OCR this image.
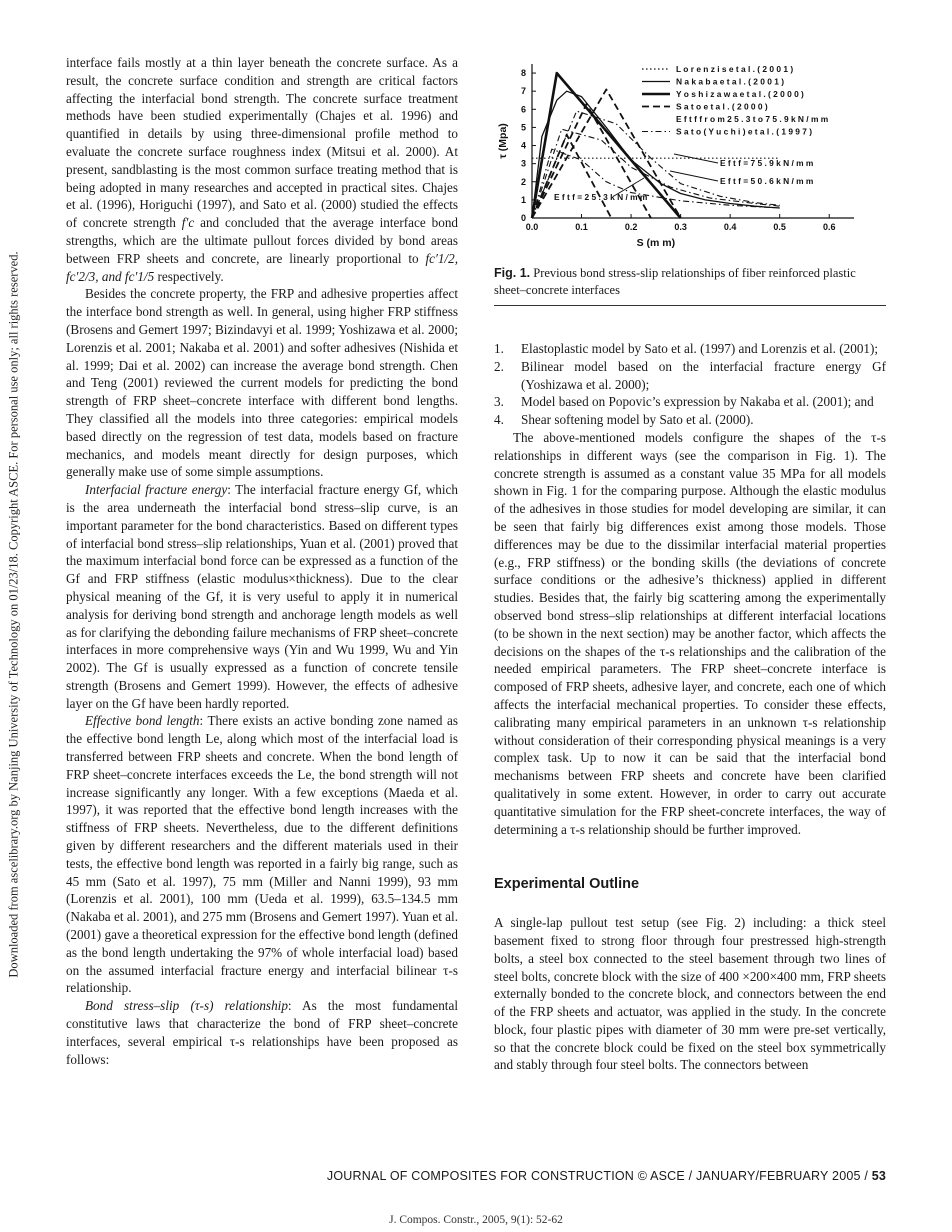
Downloaded from ascelibrary.org by Nanjing University of Technology on 01/23/18. Copyright ASCE. For personal use only; all rights reserved.

interface fails mostly at a thin layer beneath the concrete surface. As a result, the concrete surface condition and strength are critical factors affecting the interfacial bond strength. The concrete surface treatment methods have been studied experimentally (Chajes et al. 1996) and quantified in details by using three-dimensional profile method to evaluate the concrete surface roughness index (Mitsui et al. 2000). At present, sandblasting is the most common surface treating method that is being adopted in many researches and accepted in practical sites. Chajes et al. (1996), Horiguchi (1997), and Sato et al. (2000) studied the effects of concrete strength f′c and concluded that the average interface bond strengths, which are the ultimate pullout forces divided by bond areas between FRP sheets and concrete, are linearly proportional to fc′1/2, fc′2/3, and fc′1/5 respectively.

Besides the concrete property, the FRP and adhesive properties affect the interface bond strength as well. In general, using higher FRP stiffness (Brosens and Gemert 1997; Bizindavyi et al. 1999; Yoshizawa et al. 2000; Lorenzis et al. 2001; Nakaba et al. 2001) and softer adhesives (Nishida et al. 1999; Dai et al. 2002) can increase the average bond strength. Chen and Teng (2001) reviewed the current models for predicting the bond strength of FRP sheet–concrete interface with different bond lengths. They classified all the models into three categories: empirical models based directly on the regression of test data, models based on fracture mechanics, and models meant directly for design purposes, which generally make use of some simple assumptions.

Interfacial fracture energy: The interfacial fracture energy Gf, which is the area underneath the interfacial bond stress–slip curve, is an important parameter for the bond characteristics. Based on different types of interfacial bond stress–slip relationships, Yuan et al. (2001) proved that the maximum interfacial bond force can be expressed as a function of the Gf and FRP stiffness (elastic modulus×thickness). Due to the clear physical meaning of the Gf, it is very useful to apply it in numerical analysis for deriving bond strength and anchorage length models as well as for clarifying the debonding failure mechanisms of FRP sheet–concrete interfaces in more comprehensive ways (Yin and Wu 1999, Wu and Yin 2002). The Gf is usually expressed as a function of concrete tensile strength (Brosens and Gemert 1999). However, the effects of adhesive layer on the Gf have been hardly reported.

Effective bond length: There exists an active bonding zone named as the effective bond length Le, along which most of the interfacial load is transferred between FRP sheets and concrete. When the bond length of FRP sheet–concrete interfaces exceeds the Le, the bond strength will not increase significantly any longer. With a few exceptions (Maeda et al. 1997), it was reported that the effective bond length increases with the stiffness of FRP sheets. Nevertheless, due to the different definitions given by different researchers and the different materials used in their tests, the effective bond length was reported in a fairly big range, such as 45 mm (Sato et al. 1997), 75 mm (Miller and Nanni 1999), 93 mm (Lorenzis et al. 2001), 100 mm (Ueda et al. 1999), 63.5–134.5 mm (Nakaba et al. 2001), and 275 mm (Brosens and Gemert 1997). Yuan et al. (2001) gave a theoretical expression for the effective bond length (defined as the bond length undertaking the 97% of whole interfacial load) based on the assumed interfacial fracture energy and interfacial bilinear τ-s relationship.

Bond stress–slip (τ-s) relationship: As the most fundamental constitutive laws that characterize the bond of FRP sheet–concrete interfaces, several empirical τ-s relationships have been proposed as follows:

0.0	0.1	0.2	0.3	0.4	0.5	0.6
0
1
2
3
4
5
6
7
8
S (m m)
τ (Mpa)
L o r e n z i s e t a l . ( 2 0 0 1 )
N a k a b a e t a l . ( 2 0 0 1 )
Y o s h i z a w a e t a l . ( 2 0 0 0 )
S a t o e t a l . ( 2 0 0 0 )
E f t f f r o m 2 5 . 3 t o 7 5 . 9 k N / m m
S a t o ( Y u c h i ) e t a l . ( 1 9 9 7 )
E f t f = 7 5 . 9 k N / m m
E f t f = 5 0 . 6 k N / m m
E f t f = 2 5 . 3 k N / m m
Fig. 1. Previous bond stress-slip relationships of fiber reinforced plastic sheet–concrete interfaces
1. Elastoplastic model by Sato et al. (1997) and Lorenzis et al. (2001);
2. Bilinear model based on the interfacial fracture energy Gf (Yoshizawa et al. 2000);
3. Model based on Popovic’s expression by Nakaba et al. (2001); and
4. Shear softening model by Sato et al. (2000).

The above-mentioned models configure the shapes of the τ-s relationships in different ways (see the comparison in Fig. 1). The concrete strength is assumed as a constant value 35 MPa for all models shown in Fig. 1 for the comparing purpose. Although the elastic modulus of the adhesives in those studies for model developing are similar, it can be seen that fairly big differences exist among those models. Those differences may be due to the dissimilar interfacial material properties (e.g., FRP stiffness) or the bonding skills (the deviations of concrete surface conditions or the adhesive’s thickness) applied in different studies. Besides that, the fairly big scattering among the experimentally observed bond stress–slip relationships at different interfacial locations (to be shown in the next section) may be another factor, which affects the decisions on the shapes of the τ-s relationships and the calibration of the needed empirical parameters. The FRP sheet–concrete interface is composed of FRP sheets, adhesive layer, and concrete, each one of which affects the interfacial mechanical properties. To consider these effects, calibrating many empirical parameters in an unknown τ-s relationship without consideration of their corresponding physical meanings is a very complex task. Up to now it can be said that the interfacial bond mechanisms between FRP sheets and concrete have been clarified qualitatively in some extent. However, in order to carry out accurate quantitative simulation for the FRP sheet-concrete interfaces, the way of determining a τ-s relationship should be further improved.

Experimental Outline

A single-lap pullout test setup (see Fig. 2) including: a thick steel basement fixed to strong floor through four prestressed high-strength bolts, a steel box connected to the steel basement through two lines of steel bolts, concrete block with the size of 400 ×200×400 mm, FRP sheets externally bonded to the concrete block, and connectors between the end of the FRP sheets and actuator, was applied in the study. In the concrete block, four plastic pipes with diameter of 30 mm were pre-set vertically, so that the concrete block could be fixed on the steel box symmetrically and stably through four steel bolts. The connectors between

JOURNAL OF COMPOSITES FOR CONSTRUCTION © ASCE / JANUARY/FEBRUARY 2005 / 53
J. Compos. Constr., 2005, 9(1): 52-62
